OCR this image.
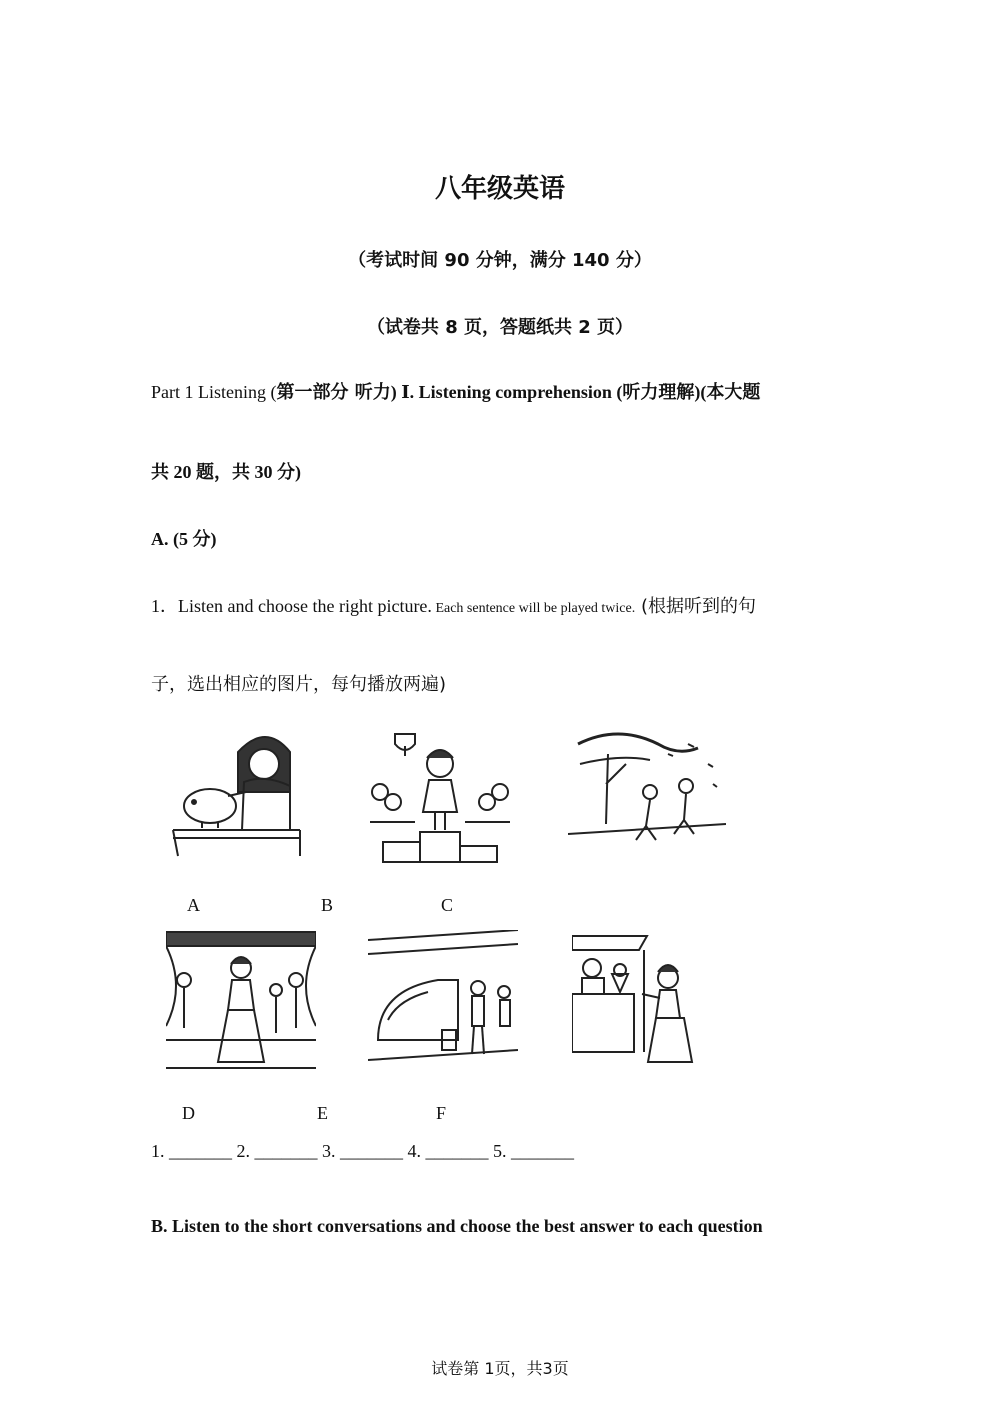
八年级英语
（考试时间 90 分钟，满分 140 分）
（试卷共 8 页，答题纸共 2 页）
Part 1 Listening (第一部分 听力) Ⅰ. Listening comprehension (听力理解)(本大题
共 20 题，共 30 分)
A. (5 分)
1．Listen and choose the right picture. Each sentence will be played twice. (根据听到的句
子，选出相应的图片，每句播放两遍)
A	B	C
D	E	F
1. _______ 2. _______ 3. _______ 4. _______ 5. _______
B. Listen to the short conversations and choose the best answer to each question
试卷第 1页，共3页
